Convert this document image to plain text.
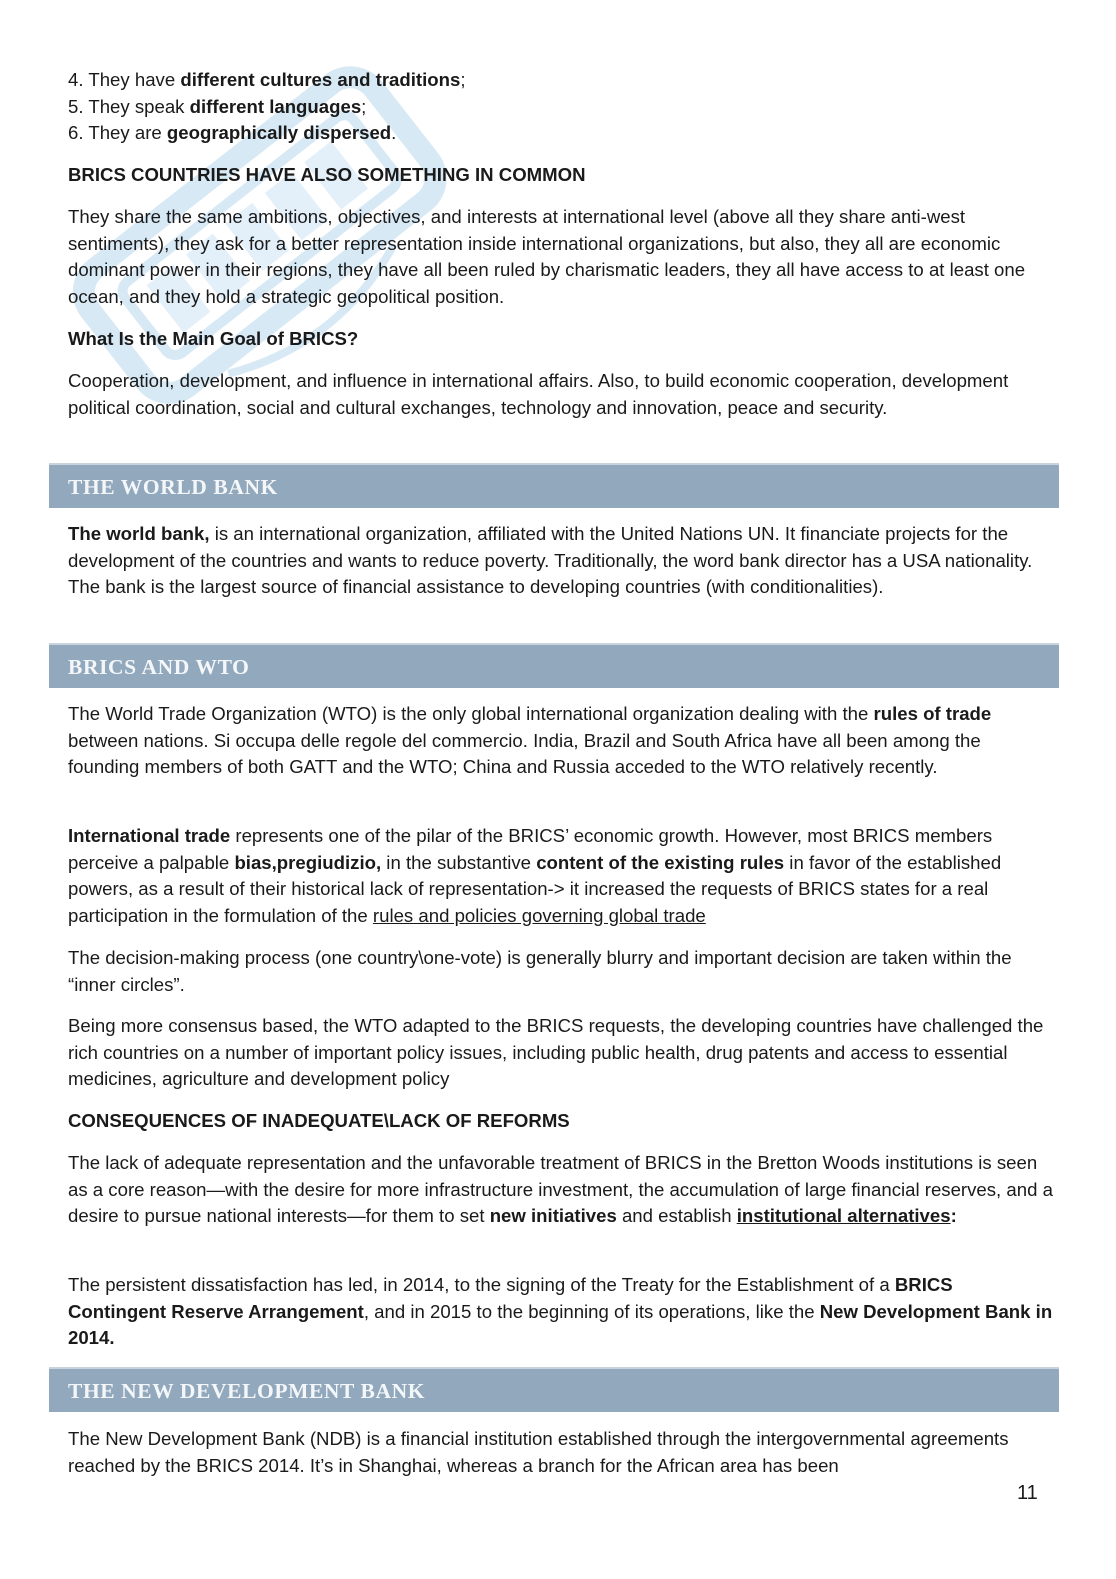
4. They have different cultures and traditions;

5. They speak different languages;

6. They are geographically dispersed.

BRICS COUNTRIES HAVE ALSO SOMETHING IN COMMON

They share the same ambitions, objectives, and interests at international level (above all they share anti-west sentiments), they ask for a better representation inside international organizations, but also, they all are economic dominant power in their regions, they have all been ruled by charismatic leaders, they all have access to at least one ocean, and they hold a strategic geopolitical position.

What Is the Main Goal of BRICS?

Cooperation, development, and influence in international affairs. Also, to build economic cooperation, development political coordination, social and cultural exchanges, technology and innovation, peace and security.

THE WORLD BANK

The world bank, is an international organization, affiliated with the United Nations UN. It financiate projects for the development of the countries and wants to reduce poverty. Traditionally, the word bank director has a USA nationality. The bank is the largest source of financial assistance to developing countries (with conditionalities).

BRICS AND WTO

The World Trade Organization (WTO) is the only global international organization dealing with the rules of trade between nations. Si occupa delle regole del commercio. India, Brazil and South Africa have all been among the founding members of both GATT and the WTO; China and Russia acceded to the WTO relatively recently.

International trade represents one of the pilar of the BRICS’ economic growth. However, most BRICS members perceive a palpable bias,pregiudizio, in the substantive content of the existing rules in favor of the established powers, as a result of their historical lack of representation-> it increased the requests of BRICS states for a real participation in the formulation of the rules and policies governing global trade

The decision-making process (one country\one-vote) is generally blurry and important decision are taken within the “inner circles”.

Being more consensus based, the WTO adapted to the BRICS requests, the developing countries have challenged the rich countries on a number of important policy issues, including public health, drug patents and access to essential medicines, agriculture and development policy

CONSEQUENCES OF INADEQUATE\LACK OF REFORMS

The lack of adequate representation and the unfavorable treatment of BRICS in the Bretton Woods institutions is seen as a core reason—with the desire for more infrastructure investment, the accumulation of large financial reserves, and a desire to pursue national interests—for them to set new initiatives and establish institutional alternatives:

The persistent dissatisfaction has led, in 2014, to the signing of the Treaty for the Establishment of a BRICS Contingent Reserve Arrangement, and in 2015 to the beginning of its operations, like the New Development Bank in 2014.

THE NEW DEVELOPMENT BANK

The New Development Bank (NDB) is a financial institution established through the intergovernmental agreements reached by the BRICS 2014. It’s in Shanghai, whereas a branch for the African area has been

11
